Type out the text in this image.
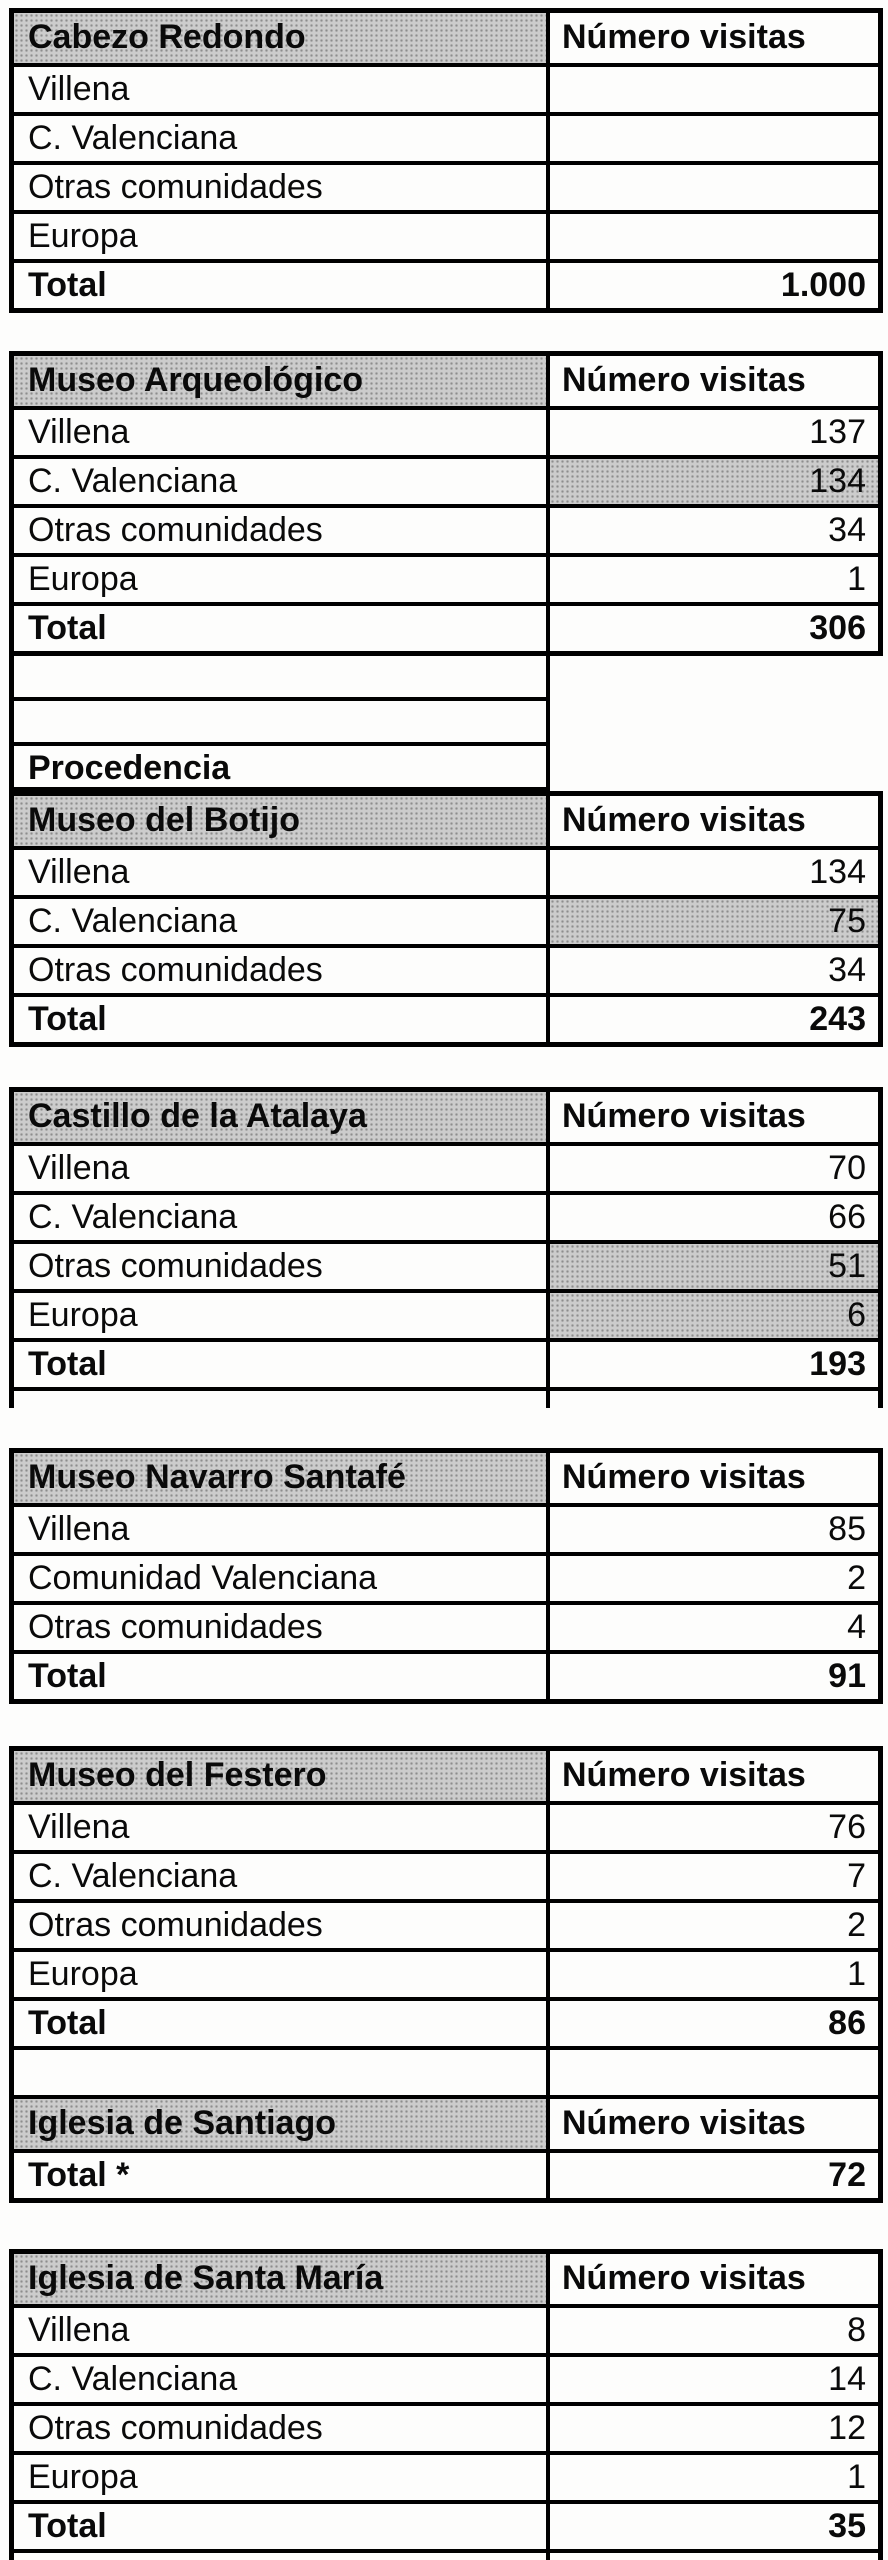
Cabezo Redondo	Número visitas
Villena
C. Valenciana
Otras comunidades
Europa
Total	1.000
Museo Arqueológico	Número visitas
Villena	137
C. Valenciana	134
Otras comunidades	34
Europa	1
Total	306
Procedencia
Museo del Botijo	Número visitas
Villena	134
C. Valenciana	75
Otras comunidades	34
Total	243
Castillo de la Atalaya	Número visitas
Villena	70
C. Valenciana	66
Otras comunidades	51
Europa	6
Total	193
Museo Navarro Santafé	Número visitas
Villena	85
Comunidad Valenciana	2
Otras comunidades	4
Total	91
Museo del Festero	Número visitas
Villena	76
C. Valenciana	7
Otras comunidades	2
Europa	1
Total	86
Iglesia de Santiago	Número visitas
Total *	72
Iglesia de Santa María	Número visitas
Villena	8
C. Valenciana	14
Otras comunidades	12
Europa	1
Total	35
